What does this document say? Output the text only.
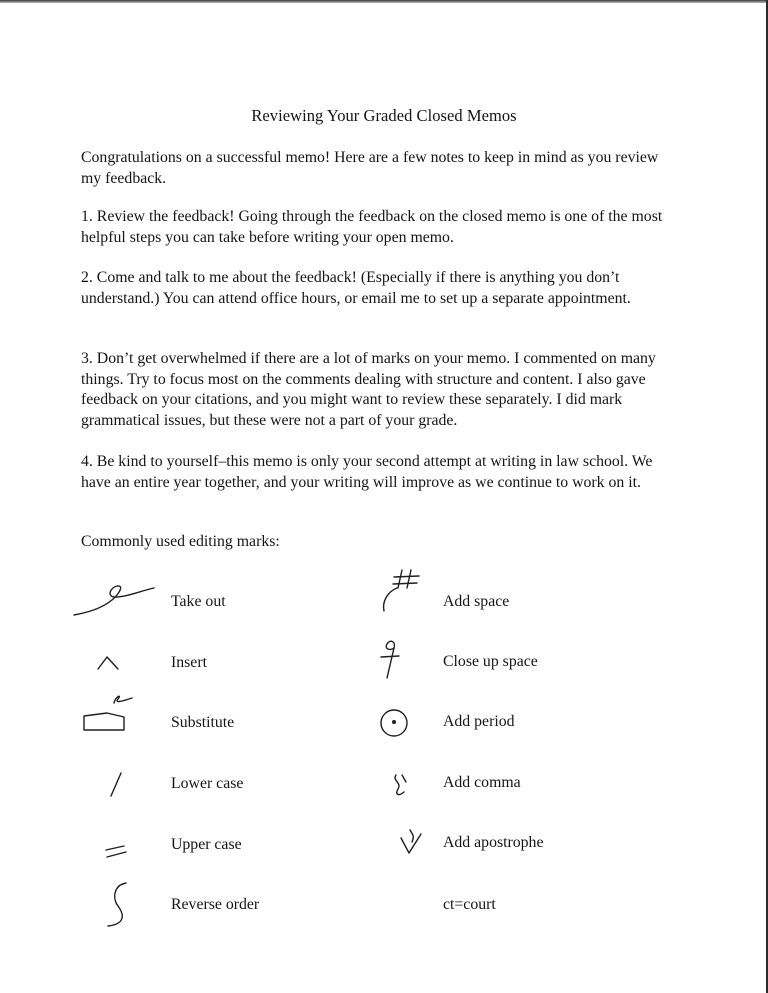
Reviewing Your Graded Closed Memos

Congratulations on a successful memo! Here are a few notes to keep in mind as you review my feedback.

1. Review the feedback! Going through the feedback on the closed memo is one of the most helpful steps you can take before writing your open memo.

2. Come and talk to me about the feedback! (Especially if there is anything you don’t understand.) You can attend office hours, or email me to set up a separate appointment.

3. Don’t get overwhelmed if there are a lot of marks on your memo. I commented on many things. Try to focus most on the comments dealing with structure and content. I also gave feedback on your citations, and you might want to review these separately. I did mark grammatical issues, but these were not a part of your grade.

4. Be kind to yourself–this memo is only your second attempt at writing in law school. We have an entire year together, and your writing will improve as we continue to work on it.

Commonly used editing marks:
Take out
Insert
Substitute
Lower case
Upper case
Reverse order
Add space
Close up space
Add period
Add comma
Add apostrophe
ct=court
